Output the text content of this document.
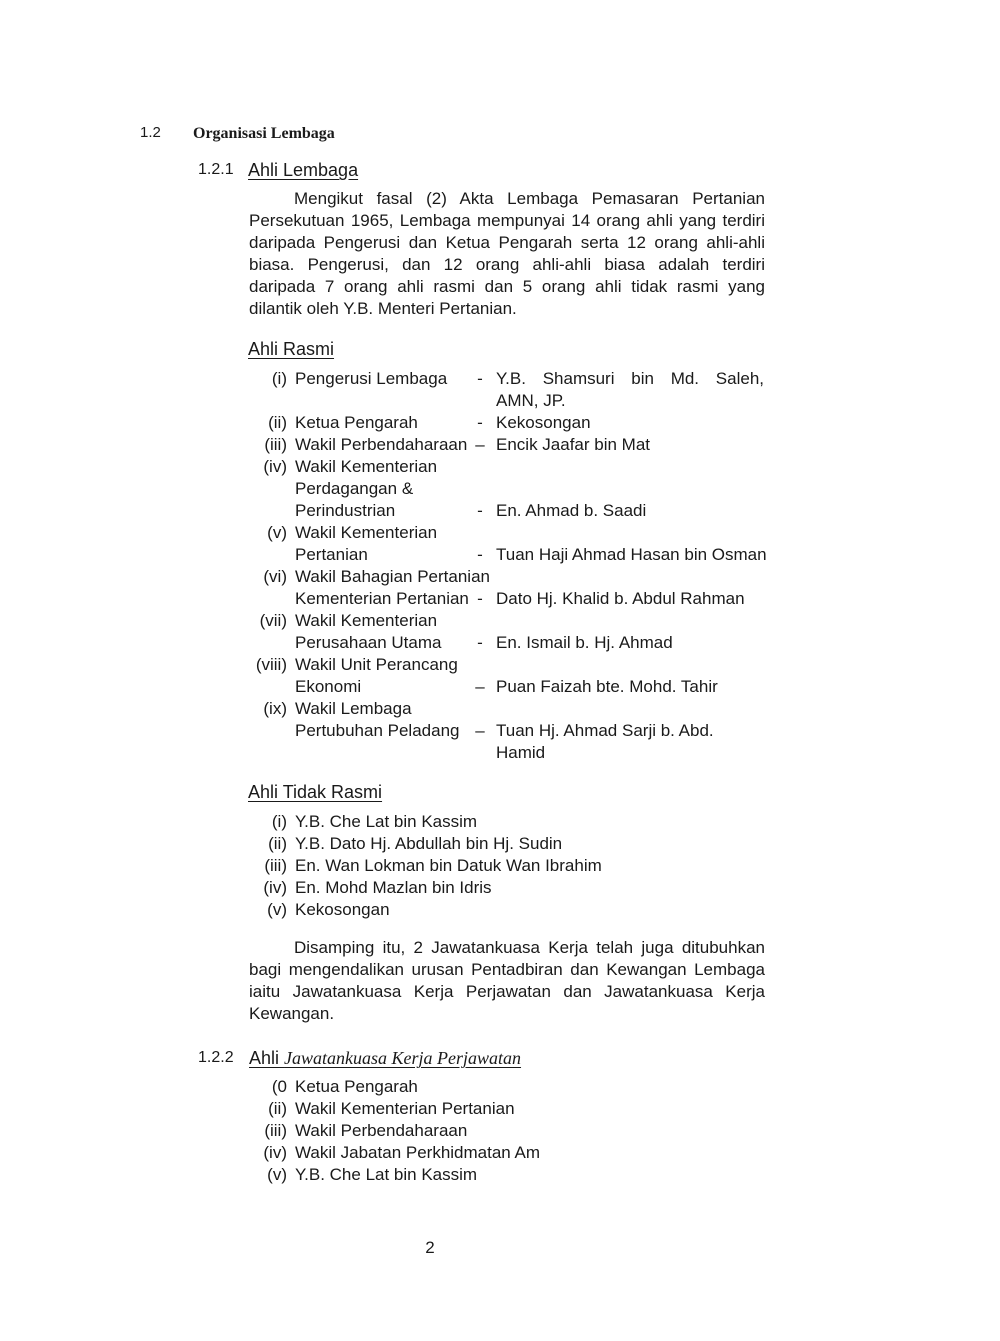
1.2 Organisasi Lembaga
1.2.1 Ahli Lembaga

Mengikut fasal (2) Akta Lembaga Pemasaran Pertanian Persekutuan 1965, Lembaga mempunyai 14 orang ahli yang terdiri daripada Pengerusi dan Ketua Pengarah serta 12 orang ahli-ahli biasa. Pengerusi, dan 12 orang ahli-ahli biasa adalah terdiri daripada 7 orang ahli rasmi dan 5 orang ahli tidak rasmi yang dilantik oleh Y.B. Menteri Pertanian.

Ahli Rasmi
(i) Pengerusi Lembaga - Y.B. Shamsuri bin Md. Saleh,
AMN, JP.
(ii) Ketua Pengarah	- Kekosongan
(iii) Wakil Perbendaharaan – Encik Jaafar bin Mat
(iv) Wakil Kementerian
Perdagangan &
Perindustrian	- En. Ahmad b. Saadi
(v) Wakil Kementerian
Pertanian	- Tuan Haji Ahmad Hasan bin Osman
(vi) Wakil Bahagian Pertanian
Kementerian Pertanian - Dato Hj. Khalid b. Abdul Rahman
(vii) Wakil Kementerian
Perusahaan Utama - En. Ismail b. Hj. Ahmad
(viii) Wakil Unit Perancang
Ekonomi	– Puan Faizah bte. Mohd. Tahir
(ix) Wakil Lembaga
Pertubuhan Peladang – Tuan Hj. Ahmad Sarji b. Abd.
Hamid
Ahli Tidak Rasmi
(i) Y.B. Che Lat bin Kassim
(ii) Y.B. Dato Hj. Abdullah bin Hj. Sudin
(iii) En. Wan Lokman bin Datuk Wan Ibrahim
(iv) En. Mohd Mazlan bin Idris
(v) Kekosongan

Disamping itu, 2 Jawatankuasa Kerja telah juga ditubuhkan bagi mengendalikan urusan Pentadbiran dan Kewangan Lembaga iaitu Jawatankuasa Kerja Perjawatan dan Jawatankuasa Kerja Kewangan.

1.2.2 Ahli Jawatankuasa Kerja Perjawatan
(0 Ketua Pengarah
(ii) Wakil Kementerian Pertanian
(iii) Wakil Perbendaharaan
(iv) Wakil Jabatan Perkhidmatan Am
(v) Y.B. Che Lat bin Kassim
2
